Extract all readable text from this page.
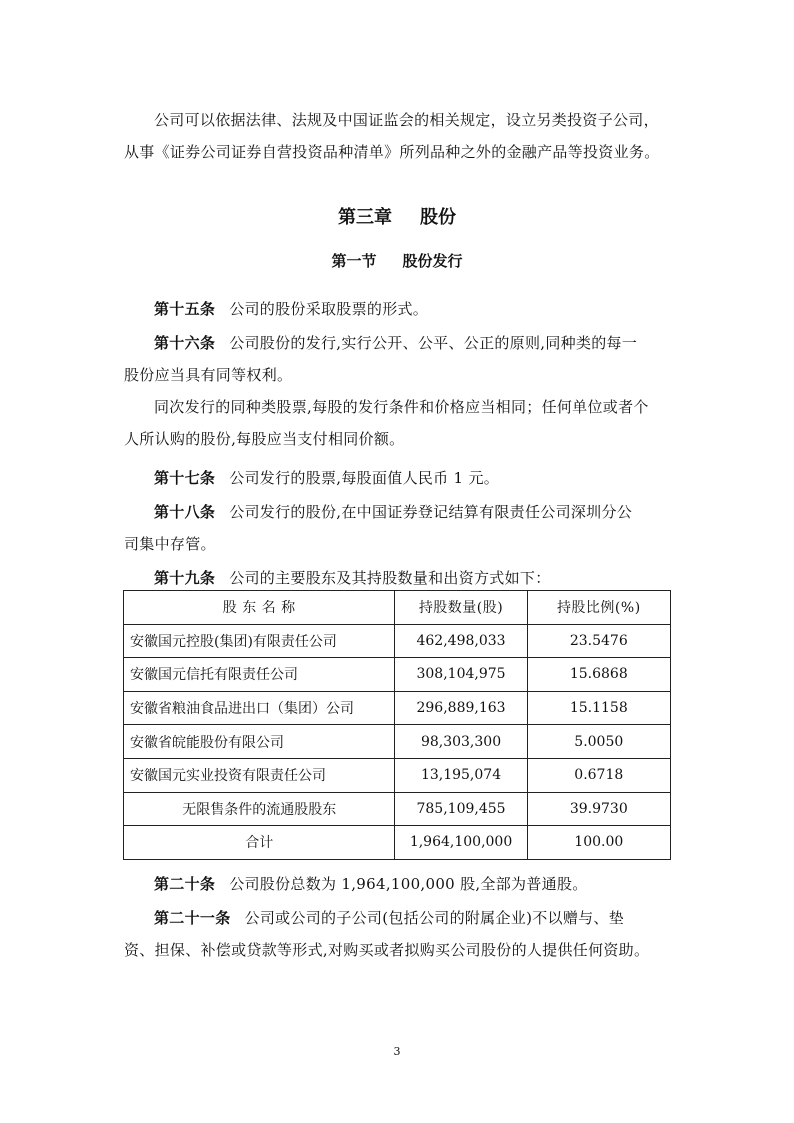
公司可以依据法律、法规及中国证监会的相关规定，设立另类投资子公司，

从事《证券公司证券自营投资品种清单》所列品种之外的金融产品等投资业务。

第三章 股份
第一节 股份发行

第十五条 公司的股份采取股票的形式。

第十六条 公司股份的发行,实行公开、公平、公正的原则,同种类的每一

股份应当具有同等权利。

同次发行的同种类股票,每股的发行条件和价格应当相同；任何单位或者个

人所认购的股份,每股应当支付相同价额。

第十七条 公司发行的股票,每股面值人民币 1 元。

第十八条 公司发行的股份,在中国证券登记结算有限责任公司深圳分公

司集中存管。

第十九条 公司的主要股东及其持股数量和出资方式如下：

股 东 名 称	持股数量(股)	持股比例(%)
安徽国元控股(集团)有限责任公司	462,498,033	23.5476
安徽国元信托有限责任公司	308,104,975	15.6868
安徽省粮油食品进出口（集团）公司	296,889,163	15.1158
安徽省皖能股份有限公司	98,303,300	5.0050
安徽国元实业投资有限责任公司	13,195,074	0.6718
无限售条件的流通股股东	785,109,455	39.9730
合计	1,964,100,000	100.00

第二十条 公司股份总数为 1,964,100,000 股,全部为普通股。

第二十一条 公司或公司的子公司(包括公司的附属企业)不以赠与、垫

资、担保、补偿或贷款等形式,对购买或者拟购买公司股份的人提供任何资助。

3
